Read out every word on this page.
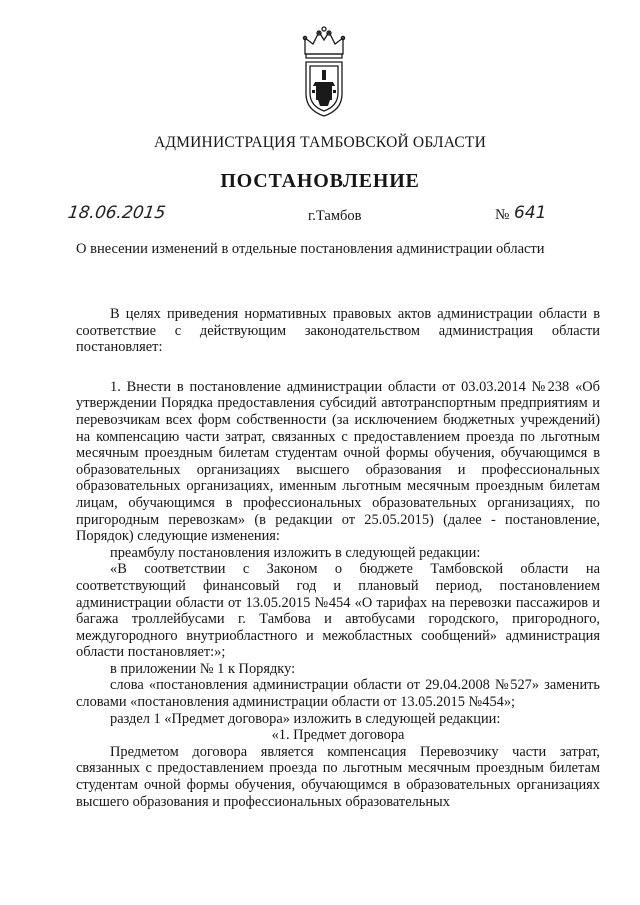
АДМИНИСТРАЦИЯ ТАМБОВСКОЙ ОБЛАСТИ
ПОСТАНОВЛЕНИЕ
18.06.2015	г.Тамбов	№ 641
О внесении изменений в отдельные постановления администрации области

В целях приведения нормативных правовых актов администрации области в соответствие с действующим законодательством администрация области постановляет:

1. Внести в постановление администрации области от 03.03.2014 №238 «Об утверждении Порядка предоставления субсидий автотранспортным предприятиям и перевозчикам всех форм собственности (за исключением бюджетных учреждений) на компенсацию части затрат, связанных с предоставлением проезда по льготным месячным проездным билетам студентам очной формы обучения, обучающимся в образовательных организациях высшего образования и профессиональных образовательных организациях, именным льготным месячным проездным билетам лицам, обучающимся в профессиональных образовательных организациях, по пригородным перевозкам» (в редакции от 25.05.2015) (далее - постановление, Порядок) следующие изменения:

преамбулу постановления изложить в следующей редакции:

«В соответствии с Законом о бюджете Тамбовской области на соответствующий финансовый год и плановый период, постановлением администрации области от 13.05.2015 №454 «О тарифах на перевозки пассажиров и багажа троллейбусами г. Тамбова и автобусами городского, пригородного, междугородного внутриобластного и межобластных сообщений» администрация области постановляет:»;

в приложении № 1 к Порядку:

слова «постановления администрации области от 29.04.2008 №527» заменить словами «постановления администрации области от 13.05.2015 №454»;

раздел 1 «Предмет договора» изложить в следующей редакции:

«1. Предмет договора

Предметом договора является компенсация Перевозчику части затрат, связанных с предоставлением проезда по льготным месячным проездным билетам студентам очной формы обучения, обучающимся в образовательных организациях высшего образования и профессиональных образовательных
